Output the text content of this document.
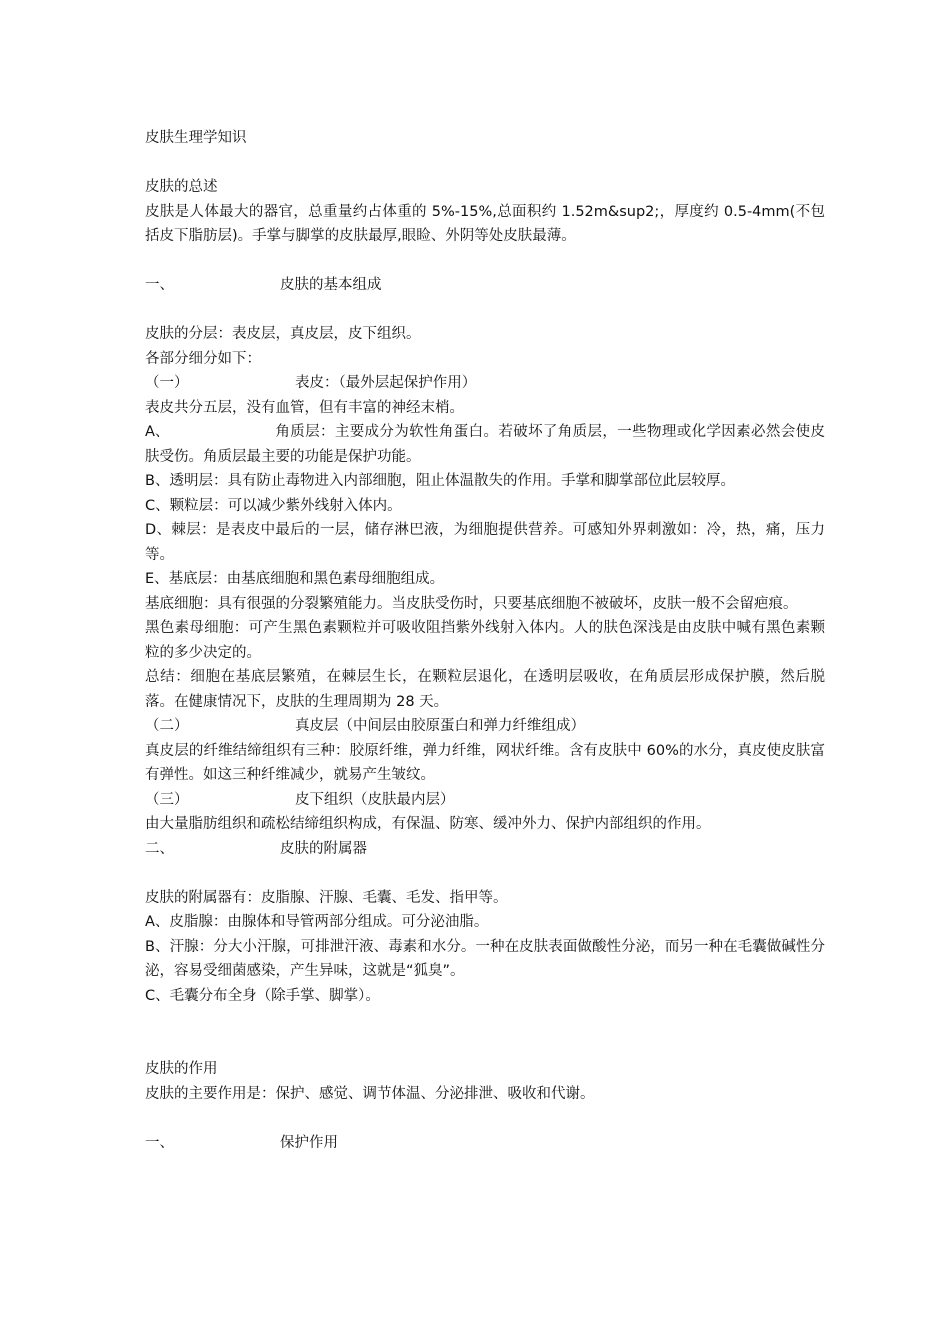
皮肤生理学知识

皮肤的总述

皮肤是人体最大的器官，总重量约占体重的 5%-15%,总面积约 1.52m&sup2;，厚度约 0.5-4mm(不包括皮下脂肪层)。手掌与脚掌的皮肤最厚,眼睑、外阴等处皮肤最薄。

一、	皮肤的基本组成

皮肤的分层：表皮层，真皮层，皮下组织。

各部分细分如下：

（一）	表皮：（最外层起保护作用）

表皮共分五层，没有血管，但有丰富的神经末梢。

A、	角质层：主要成分为软性角蛋白。若破坏了角质层，一些物理或化学因素必然会使皮肤受伤。角质层最主要的功能是保护功能。

B、透明层：具有防止毒物进入内部细胞，阻止体温散失的作用。手掌和脚掌部位此层较厚。

C、颗粒层：可以减少紫外线射入体内。

D、棘层：是表皮中最后的一层，储存淋巴液，为细胞提供营养。可感知外界刺激如：冷，热，痛，压力等。

E、基底层：由基底细胞和黑色素母细胞组成。

基底细胞：具有很强的分裂繁殖能力。当皮肤受伤时，只要基底细胞不被破坏，皮肤一般不会留疤痕。

黑色素母细胞：可产生黑色素颗粒并可吸收阻挡紫外线射入体内。人的肤色深浅是由皮肤中喊有黑色素颗粒的多少决定的。

总结：细胞在基底层繁殖，在棘层生长，在颗粒层退化，在透明层吸收，在角质层形成保护膜，然后脱落。在健康情况下，皮肤的生理周期为 28 天。

（二）	真皮层（中间层由胶原蛋白和弹力纤维组成）

真皮层的纤维结缔组织有三种：胶原纤维，弹力纤维，网状纤维。含有皮肤中 60%的水分，真皮使皮肤富有弹性。如这三种纤维减少，就易产生皱纹。

（三）	皮下组织（皮肤最内层）

由大量脂肪组织和疏松结缔组织构成，有保温、防寒、缓冲外力、保护内部组织的作用。

二、	皮肤的附属器

皮肤的附属器有：皮脂腺、汗腺、毛囊、毛发、指甲等。

A、皮脂腺：由腺体和导管两部分组成。可分泌油脂。

B、汗腺：分大小汗腺，可排泄汗液、毒素和水分。一种在皮肤表面做酸性分泌，而另一种在毛囊做碱性分泌，容易受细菌感染，产生异味，这就是“狐臭”。

C、毛囊分布全身（除手掌、脚掌）。

皮肤的作用

皮肤的主要作用是：保护、感觉、调节体温、分泌排泄、吸收和代谢。

一、	保护作用
